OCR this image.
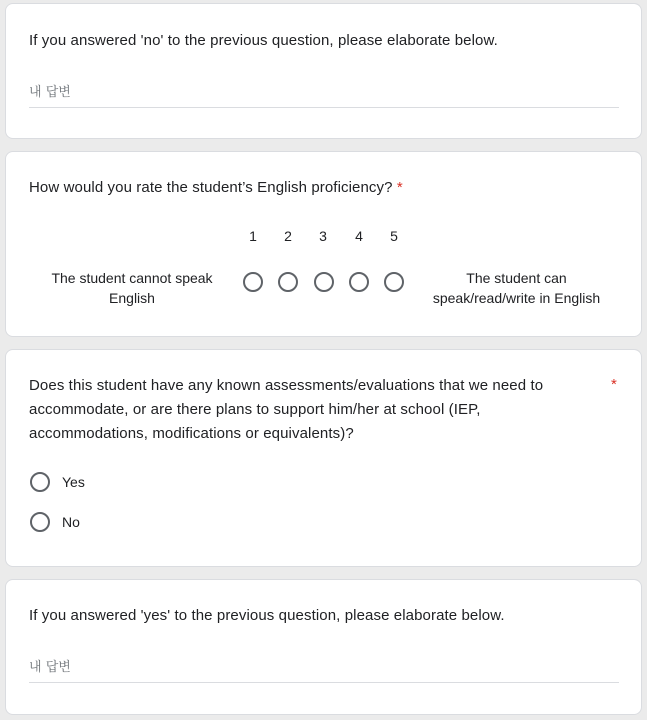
If you answered 'no' to the previous question, please elaborate below.
내 답변
How would you rate the student’s English proficiency? *
1	2	3	4	5
The student cannot speak English
The student can speak/read/write in English
Does this student have any known assessments/evaluations that we need to accommodate, or are there plans to support him/her at school (IEP, accommodations, modifications or equivalents)?
*
Yes
No
If you answered 'yes' to the previous question, please elaborate below.
내 답변
